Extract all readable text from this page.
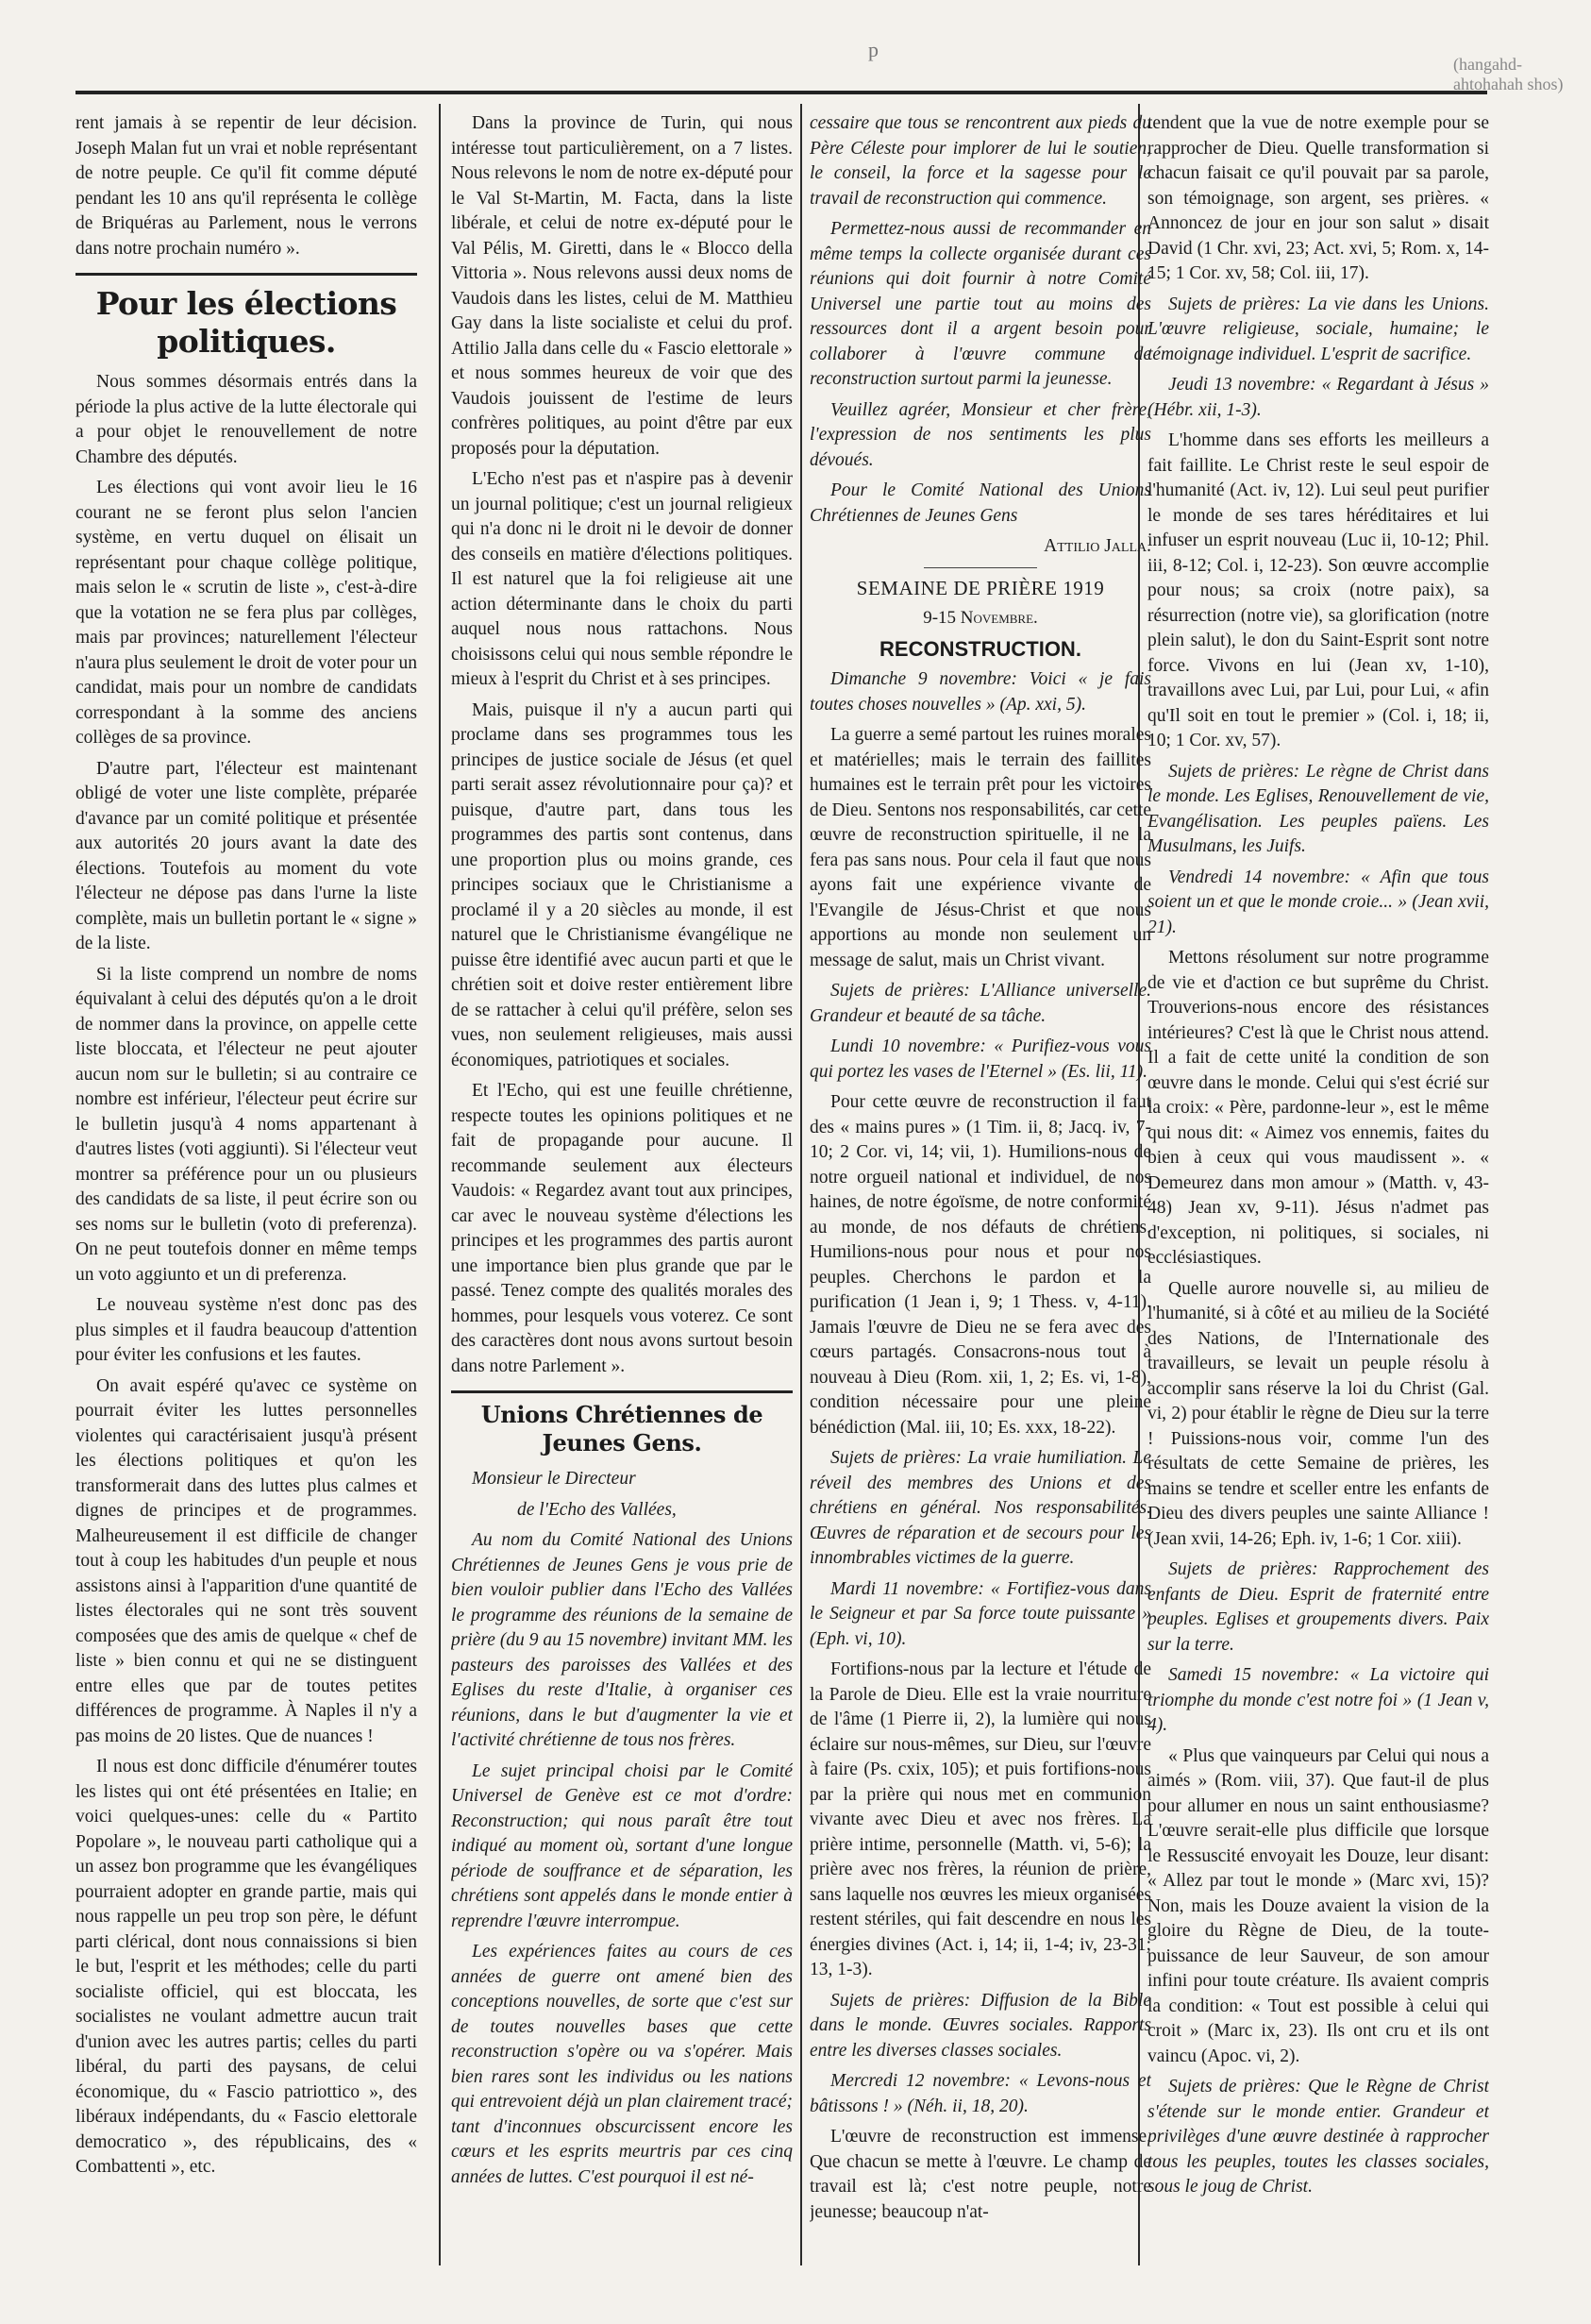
p
(hangahd-ahtohahah shos)

rent jamais à se repentir de leur décision. Joseph Malan fut un vrai et noble représentant de notre peuple. Ce qu'il fit comme député pendant les 10 ans qu'il représenta le collège de Briquéras au Parlement, nous le verrons dans notre prochain numéro ».

Pour les élections politiques.

Nous sommes désormais entrés dans la période la plus active de la lutte électorale qui a pour objet le renouvellement de notre Chambre des députés.

Les élections qui vont avoir lieu le 16 courant ne se feront plus selon l'ancien système, en vertu duquel on élisait un représentant pour chaque collège politique, mais selon le « scrutin de liste », c'est-à-dire que la votation ne se fera plus par collèges, mais par provinces; naturellement l'électeur n'aura plus seulement le droit de voter pour un candidat, mais pour un nombre de candidats correspondant à la somme des anciens collèges de sa province.

D'autre part, l'électeur est maintenant obligé de voter une liste complète, préparée d'avance par un comité politique et présentée aux autorités 20 jours avant la date des élections. Toutefois au moment du vote l'électeur ne dépose pas dans l'urne la liste complète, mais un bulletin portant le « signe » de la liste.

Si la liste comprend un nombre de noms équivalant à celui des députés qu'on a le droit de nommer dans la province, on appelle cette liste bloccata, et l'électeur ne peut ajouter aucun nom sur le bulletin; si au contraire ce nombre est inférieur, l'électeur peut écrire sur le bulletin jusqu'à 4 noms appartenant à d'autres listes (voti aggiunti). Si l'électeur veut montrer sa préférence pour un ou plusieurs des candidats de sa liste, il peut écrire son ou ses noms sur le bulletin (voto di preferenza). On ne peut toutefois donner en même temps un voto aggiunto et un di preferenza.

Le nouveau système n'est donc pas des plus simples et il faudra beaucoup d'attention pour éviter les confusions et les fautes.

On avait espéré qu'avec ce système on pourrait éviter les luttes personnelles violentes qui caractérisaient jusqu'à présent les élections politiques et qu'on les transformerait dans des luttes plus calmes et dignes de principes et de programmes. Malheureusement il est difficile de changer tout à coup les habitudes d'un peuple et nous assistons ainsi à l'apparition d'une quantité de listes électorales qui ne sont très souvent composées que des amis de quelque « chef de liste » bien connu et qui ne se distinguent entre elles que par de toutes petites différences de programme. À Naples il n'y a pas moins de 20 listes. Que de nuances !

Il nous est donc difficile d'énumérer toutes les listes qui ont été présentées en Italie; en voici quelques-unes: celle du « Partito Popolare », le nouveau parti catholique qui a un assez bon programme que les évangéliques pourraient adopter en grande partie, mais qui nous rappelle un peu trop son père, le défunt parti clérical, dont nous connaissions si bien le but, l'esprit et les méthodes; celle du parti socialiste officiel, qui est bloccata, les socialistes ne voulant admettre aucun trait d'union avec les autres partis; celles du parti libéral, du parti des paysans, de celui économique, du « Fascio patriottico », des libéraux indépendants, du « Fascio elettorale democratico », des républicains, des « Combattenti », etc.

Dans la province de Turin, qui nous intéresse tout particulièrement, on a 7 listes. Nous relevons le nom de notre ex-député pour le Val St-Martin, M. Facta, dans la liste libérale, et celui de notre ex-député pour le Val Pélis, M. Giretti, dans le « Blocco della Vittoria ». Nous relevons aussi deux noms de Vaudois dans les listes, celui de M. Matthieu Gay dans la liste socialiste et celui du prof. Attilio Jalla dans celle du « Fascio elettorale » et nous sommes heureux de voir que des Vaudois jouissent de l'estime de leurs confrères politiques, au point d'être par eux proposés pour la députation.

L'Echo n'est pas et n'aspire pas à devenir un journal politique; c'est un journal religieux qui n'a donc ni le droit ni le devoir de donner des conseils en matière d'élections politiques. Il est naturel que la foi religieuse ait une action déterminante dans le choix du parti auquel nous nous rattachons. Nous choisissons celui qui nous semble répondre le mieux à l'esprit du Christ et à ses principes.

Mais, puisque il n'y a aucun parti qui proclame dans ses programmes tous les principes de justice sociale de Jésus (et quel parti serait assez révolutionnaire pour ça)? et puisque, d'autre part, dans tous les programmes des partis sont contenus, dans une proportion plus ou moins grande, ces principes sociaux que le Christianisme a proclamé il y a 20 siècles au monde, il est naturel que le Christianisme évangélique ne puisse être identifié avec aucun parti et que le chrétien soit et doive rester entièrement libre de se rattacher à celui qu'il préfère, selon ses vues, non seulement religieuses, mais aussi économiques, patriotiques et sociales.

Et l'Echo, qui est une feuille chrétienne, respecte toutes les opinions politiques et ne fait de propagande pour aucune. Il recommande seulement aux électeurs Vaudois: « Regardez avant tout aux principes, car avec le nouveau système d'élections les principes et les programmes des partis auront une importance bien plus grande que par le passé. Tenez compte des qualités morales des hommes, pour lesquels vous voterez. Ce sont des caractères dont nous avons surtout besoin dans notre Parlement ».

Unions Chrétiennes de Jeunes Gens.

Monsieur le Directeur

de l'Echo des Vallées,

Au nom du Comité National des Unions Chrétiennes de Jeunes Gens je vous prie de bien vouloir publier dans l'Echo des Vallées le programme des réunions de la semaine de prière (du 9 au 15 novembre) invitant MM. les pasteurs des paroisses des Vallées et des Eglises du reste d'Italie, à organiser ces réunions, dans le but d'augmenter la vie et l'activité chrétienne de tous nos frères.

Le sujet principal choisi par le Comité Universel de Genève est ce mot d'ordre: Reconstruction; qui nous paraît être tout indiqué au moment où, sortant d'une longue période de souffrance et de séparation, les chrétiens sont appelés dans le monde entier à reprendre l'œuvre interrompue.

Les expériences faites au cours de ces années de guerre ont amené bien des conceptions nouvelles, de sorte que c'est sur de toutes nouvelles bases que cette reconstruction s'opère ou va s'opérer. Mais bien rares sont les individus ou les nations qui entrevoient déjà un plan clairement tracé; tant d'inconnues obscurcissent encore les cœurs et les esprits meurtris par ces cinq années de luttes. C'est pourquoi il est né-

cessaire que tous se rencontrent aux pieds du Père Céleste pour implorer de lui le soutien, le conseil, la force et la sagesse pour le travail de reconstruction qui commence.

Permettez-nous aussi de recommander en même temps la collecte organisée durant ces réunions qui doit fournir à notre Comité Universel une partie tout au moins des ressources dont il a argent besoin pour collaborer à l'œuvre commune de reconstruction surtout parmi la jeunesse.

Veuillez agréer, Monsieur et cher frère, l'expression de nos sentiments les plus dévoués.

Pour le Comité National des Unions Chrétiennes de Jeunes Gens

Attilio Jalla.

SEMAINE DE PRIÈRE 1919

9-15 Novembre.

RECONSTRUCTION.

Dimanche 9 novembre: Voici « je fais toutes choses nouvelles » (Ap. xxi, 5).

La guerre a semé partout les ruines morales et matérielles; mais le terrain des faillites humaines est le terrain prêt pour les victoires de Dieu. Sentons nos responsabilités, car cette œuvre de reconstruction spirituelle, il ne la fera pas sans nous. Pour cela il faut que nous ayons fait une expérience vivante de l'Evangile de Jésus-Christ et que nous apportions au monde non seulement un message de salut, mais un Christ vivant.

Sujets de prières: L'Alliance universelle. Grandeur et beauté de sa tâche.

Lundi 10 novembre: « Purifiez-vous vous qui portez les vases de l'Eternel » (Es. lii, 11).

Pour cette œuvre de reconstruction il faut des « mains pures » (1 Tim. ii, 8; Jacq. iv, 7-10; 2 Cor. vi, 14; vii, 1). Humilions-nous de notre orgueil national et individuel, de nos haines, de notre égoïsme, de notre conformité au monde, de nos défauts de chrétiens. Humilions-nous pour nous et pour nos peuples. Cherchons le pardon et la purification (1 Jean i, 9; 1 Thess. v, 4-11). Jamais l'œuvre de Dieu ne se fera avec des cœurs partagés. Consacrons-nous tout à nouveau à Dieu (Rom. xii, 1, 2; Es. vi, 1-8), condition nécessaire pour une pleine bénédiction (Mal. iii, 10; Es. xxx, 18-22).

Sujets de prières: La vraie humiliation. Le réveil des membres des Unions et des chrétiens en général. Nos responsabilités. Œuvres de réparation et de secours pour les innombrables victimes de la guerre.

Mardi 11 novembre: « Fortifiez-vous dans le Seigneur et par Sa force toute puissante » (Eph. vi, 10).

Fortifions-nous par la lecture et l'étude de la Parole de Dieu. Elle est la vraie nourriture de l'âme (1 Pierre ii, 2), la lumière qui nous éclaire sur nous-mêmes, sur Dieu, sur l'œuvre à faire (Ps. cxix, 105); et puis fortifions-nous par la prière qui nous met en communion vivante avec Dieu et avec nos frères. La prière intime, personnelle (Matth. vi, 5-6); la prière avec nos frères, la réunion de prière, sans laquelle nos œuvres les mieux organisées restent stériles, qui fait descendre en nous les énergies divines (Act. i, 14; ii, 1-4; iv, 23-31; 13, 1-3).

Sujets de prières: Diffusion de la Bible dans le monde. Œuvres sociales. Rapports entre les diverses classes sociales.

Mercredi 12 novembre: « Levons-nous et bâtissons ! » (Néh. ii, 18, 20).

L'œuvre de reconstruction est immense. Que chacun se mette à l'œuvre. Le champ de travail est là; c'est notre peuple, notre jeunesse; beaucoup n'at-

tendent que la vue de notre exemple pour se rapprocher de Dieu. Quelle transformation si chacun faisait ce qu'il pouvait par sa parole, son témoignage, son argent, ses prières. « Annoncez de jour en jour son salut » disait David (1 Chr. xvi, 23; Act. xvi, 5; Rom. x, 14-15; 1 Cor. xv, 58; Col. iii, 17).

Sujets de prières: La vie dans les Unions. L'œuvre religieuse, sociale, humaine; le témoignage individuel. L'esprit de sacrifice.

Jeudi 13 novembre: « Regardant à Jésus » (Hébr. xii, 1-3).

L'homme dans ses efforts les meilleurs a fait faillite. Le Christ reste le seul espoir de l'humanité (Act. iv, 12). Lui seul peut purifier le monde de ses tares héréditaires et lui infuser un esprit nouveau (Luc ii, 10-12; Phil. iii, 8-12; Col. i, 12-23). Son œuvre accomplie pour nous; sa croix (notre paix), sa résurrection (notre vie), sa glorification (notre plein salut), le don du Saint-Esprit sont notre force. Vivons en lui (Jean xv, 1-10), travaillons avec Lui, par Lui, pour Lui, « afin qu'Il soit en tout le premier » (Col. i, 18; ii, 10; 1 Cor. xv, 57).

Sujets de prières: Le règne de Christ dans le monde. Les Eglises, Renouvellement de vie, Evangélisation. Les peuples païens. Les Musulmans, les Juifs.

Vendredi 14 novembre: « Afin que tous soient un et que le monde croie... » (Jean xvii, 21).

Mettons résolument sur notre programme de vie et d'action ce but suprême du Christ. Trouverions-nous encore des résistances intérieures? C'est là que le Christ nous attend. Il a fait de cette unité la condition de son œuvre dans le monde. Celui qui s'est écrié sur la croix: « Père, pardonne-leur », est le même qui nous dit: « Aimez vos ennemis, faites du bien à ceux qui vous maudissent ». « Demeurez dans mon amour » (Matth. v, 43-48) Jean xv, 9-11). Jésus n'admet pas d'exception, ni politiques, si sociales, ni ecclésiastiques.

Quelle aurore nouvelle si, au milieu de l'humanité, si à côté et au milieu de la Société des Nations, de l'Internationale des travailleurs, se levait un peuple résolu à accomplir sans réserve la loi du Christ (Gal. vi, 2) pour établir le règne de Dieu sur la terre ! Puissions-nous voir, comme l'un des résultats de cette Semaine de prières, les mains se tendre et sceller entre les enfants de Dieu des divers peuples une sainte Alliance ! (Jean xvii, 14-26; Eph. iv, 1-6; 1 Cor. xiii).

Sujets de prières: Rapprochement des enfants de Dieu. Esprit de fraternité entre peuples. Eglises et groupements divers. Paix sur la terre.

Samedi 15 novembre: « La victoire qui triomphe du monde c'est notre foi » (1 Jean v, 4).

« Plus que vainqueurs par Celui qui nous a aimés » (Rom. viii, 37). Que faut-il de plus pour allumer en nous un saint enthousiasme? L'œuvre serait-elle plus difficile que lorsque le Ressuscité envoyait les Douze, leur disant: « Allez par tout le monde » (Marc xvi, 15)? Non, mais les Douze avaient la vision de la gloire du Règne de Dieu, de la toute-puissance de leur Sauveur, de son amour infini pour toute créature. Ils avaient compris la condition: « Tout est possible à celui qui croit » (Marc ix, 23). Ils ont cru et ils ont vaincu (Apoc. vi, 2).

Sujets de prières: Que le Règne de Christ s'étende sur le monde entier. Grandeur et privilèges d'une œuvre destinée à rapprocher tous les peuples, toutes les classes sociales, sous le joug de Christ.
